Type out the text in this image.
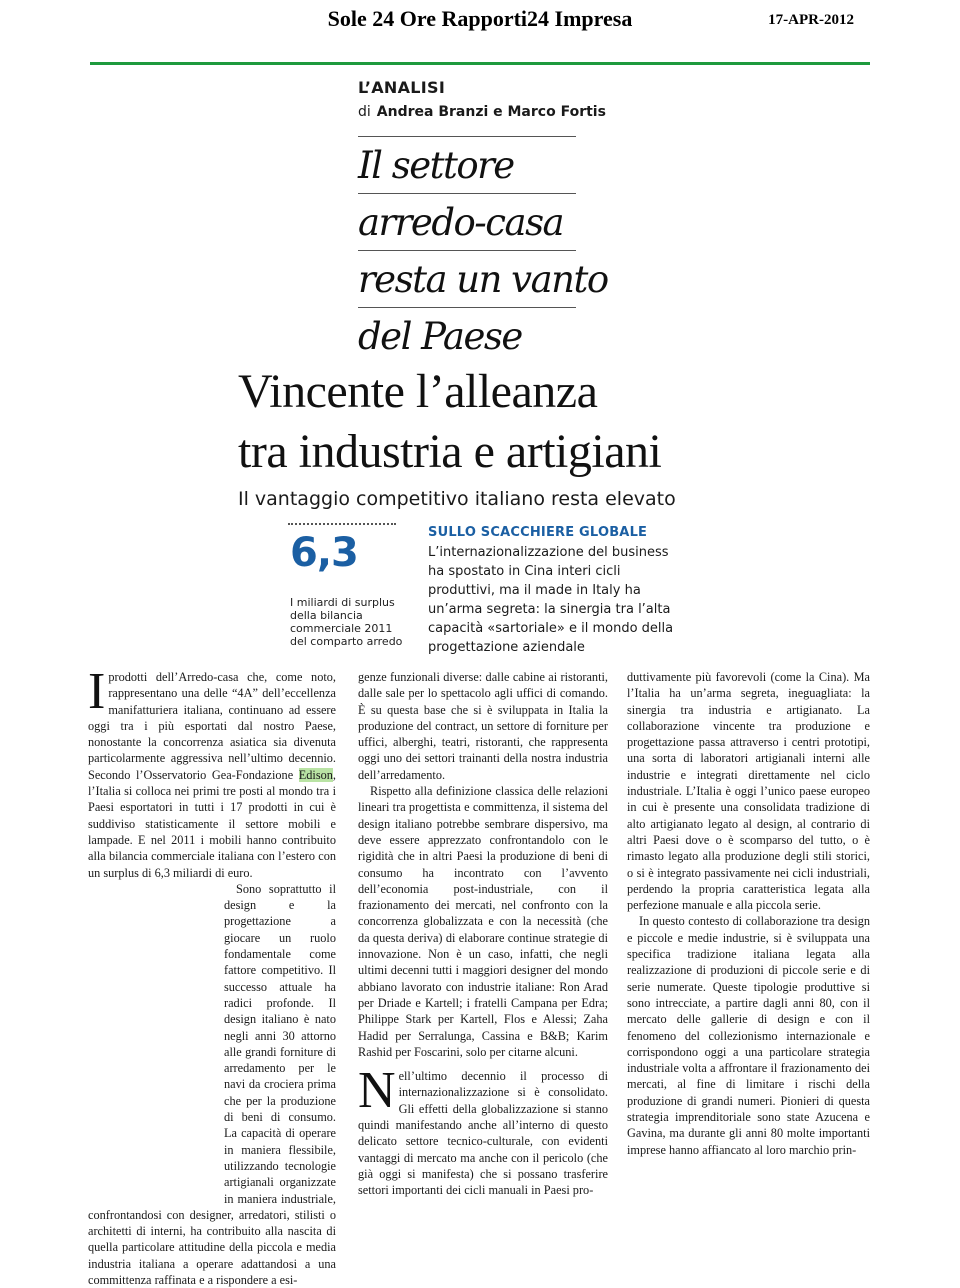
Sole 24 Ore Rapporti24 Impresa	17-APR-2012
L’ANALISI
di Andrea Branzi e Marco Fortis
Il settore
arredo-casa
resta un vanto
del Paese
Vincente l’alleanza
tra industria e artigiani
Il vantaggio competitivo italiano resta elevato
6,3
I miliardi di surplus della bilancia commerciale 2011 del comparto arredo
SULLO SCACCHIERE GLOBALE
L’internazionalizzazione del business ha spostato in Cina interi cicli produttivi, ma il made in Italy ha un’arma segreta: la sinergia tra l’alta capacità «sartoriale» e il mondo della progettazione aziendale

Iprodotti dell’Arredo-casa che, come noto, rappresentano una delle “4A” dell’eccellenza manifatturiera italiana, continuano ad essere oggi tra i più esportati dal nostro Paese, nonostante la concorrenza asiatica sia divenuta particolarmente aggressiva nell’ultimo decennio. Secondo l’Osservatorio Gea-Fondazione Edison, l’Italia si colloca nei primi tre posti al mondo tra i Paesi esportatori in tutti i 17 prodotti in cui è suddiviso statisticamente il settore mobili e lampade. E nel 2011 i mobili hanno contribuito alla bilancia commerciale italiana con l’estero con un surplus di 6,3 miliardi di euro.

Sono soprattutto il design e la progettazione a giocare un ruolo fondamentale come fattore competitivo. Il successo attuale ha radici profonde. Il design italiano è nato negli anni 30 attorno alle grandi forniture di arredamento per le navi da crociera prima che per la produzione di beni di consumo. La capacità di operare in maniera flessibile, utilizzando tecnologie artigianali organizzate in maniera industriale, confrontandosi con designer, arredatori, stilisti o architetti di interni, ha contribuito alla nascita di quella particolare attitudine della piccola e media industria italiana a operare adattandosi a una committenza raffinata e a rispondere a esi-

genze funzionali diverse: dalle cabine ai ristoranti, dalle sale per lo spettacolo agli uffici di comando. È su questa base che si è sviluppata in Italia la produzione del contract, un settore di forniture per uffici, alberghi, teatri, ristoranti, che rappresenta oggi uno dei settori trainanti della nostra industria dell’arredamento.

Rispetto alla definizione classica delle relazioni lineari tra progettista e committenza, il sistema del design italiano potrebbe sembrare dispersivo, ma deve essere apprezzato confrontandolo con le rigidità che in altri Paesi la produzione di beni di consumo ha incontrato con l’avvento dell’economia post-industriale, con il frazionamento dei mercati, nel confronto con la concorrenza globalizzata e con la necessità (che da questa deriva) di elaborare continue strategie di innovazione. Non è un caso, infatti, che negli ultimi decenni tutti i maggiori designer del mondo abbiano lavorato con industrie italiane: Ron Arad per Driade e Kartell; i fratelli Campana per Edra; Philippe Stark per Kartell, Flos e Alessi; Zaha Hadid per Serralunga, Cassina e B&B; Karim Rashid per Foscarini, solo per citarne alcuni.

Nell’ultimo decennio il processo di internazionalizzazione si è consolidato. Gli effetti della globalizzazione si stanno quindi manifestando anche all’interno di questo delicato settore tecnico-culturale, con evidenti vantaggi di mercato ma anche con il pericolo (che già oggi si manifesta) che si possano trasferire settori importanti dei cicli manuali in Paesi pro-

duttivamente più favorevoli (come la Cina). Ma l’Italia ha un’arma segreta, ineguagliata: la sinergia tra industria e artigianato. La collaborazione vincente tra produzione e progettazione passa attraverso i centri prototipi, una sorta di laboratori artigianali interni alle industrie e integrati direttamente nel ciclo industriale. L’Italia è oggi l’unico paese europeo in cui è presente una consolidata tradizione di alto artigianato legato al design, al contrario di altri Paesi dove o è scomparso del tutto, o è rimasto legato alla produzione degli stili storici, o si è integrato passivamente nei cicli industriali, perdendo la propria caratteristica legata alla perfezione manuale e alla piccola serie.

In questo contesto di collaborazione tra design e piccole e medie industrie, si è sviluppata una specifica tradizione italiana legata alla realizzazione di produzioni di piccole serie e di serie numerate. Queste tipologie produttive si sono intrecciate, a partire dagli anni 80, con il mercato delle gallerie di design e con il fenomeno del collezionismo internazionale e corrispondono oggi a una particolare strategia industriale volta a affrontare il frazionamento dei mercati, al fine di limitare i rischi della produzione di grandi numeri. Pionieri di questa strategia imprenditoriale sono state Azucena e Gavina, ma durante gli anni 80 molte importanti imprese hanno affiancato al loro marchio prin-
